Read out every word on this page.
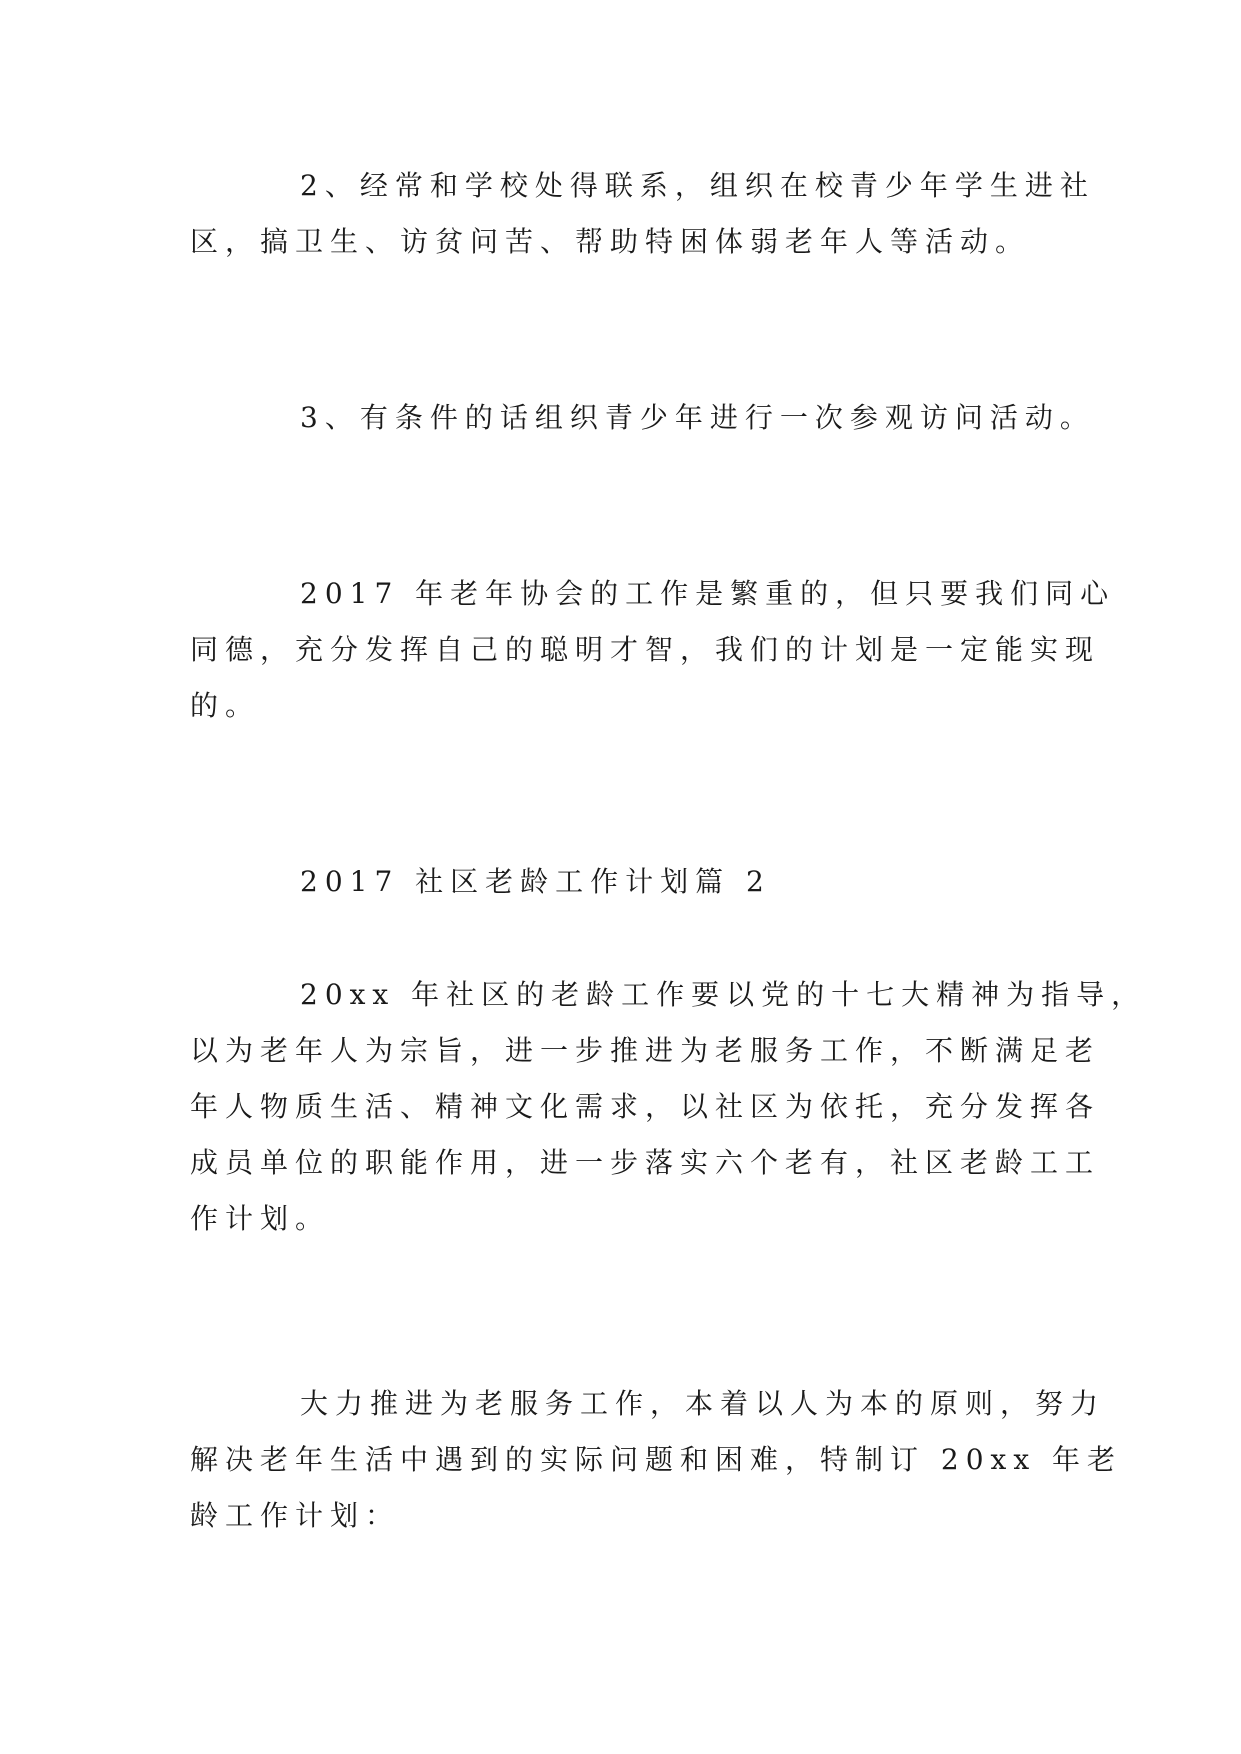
2、经常和学校处得联系，组织在校青少年学生进社
区，搞卫生、访贫问苦、帮助特困体弱老年人等活动。
3、有条件的话组织青少年进行一次参观访问活动。
2017 年老年协会的工作是繁重的，但只要我们同心
同德，充分发挥自己的聪明才智，我们的计划是一定能实现
的。
2017 社区老龄工作计划篇 2
20xx 年社区的老龄工作要以党的十七大精神为指导，
以为老年人为宗旨，进一步推进为老服务工作，不断满足老
年人物质生活、精神文化需求，以社区为依托，充分发挥各
成员单位的职能作用，进一步落实六个老有，社区老龄工工
作计划。
大力推进为老服务工作，本着以人为本的原则，努力
解决老年生活中遇到的实际问题和困难，特制订 20xx 年老
龄工作计划：
